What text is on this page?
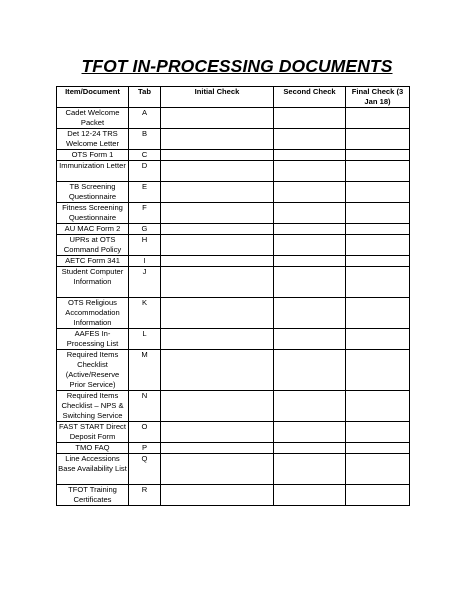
TFOT IN-PROCESSING DOCUMENTS
Item/Document	Tab	Initial Check	Second Check	Final Check (3 Jan 18)
Cadet Welcome Packet	A			
Det 12-24 TRS Welcome Letter	B			
OTS Form 1	C			
Immunization Letter	D			
TB Screening Questionnaire	E			
Fitness Screening Questionnaire	F			
AU MAC Form 2	G			
UPRs at OTS Command Policy	H			
AETC Form 341	I			
Student Computer Information	J			
OTS Religious Accommodation Information	K			
AAFES In-Processing List	L			
Required Items Checklist (Active/Reserve Prior Service)	M			
Required Items Checklist – NPS & Switching Service	N			
FAST START Direct Deposit Form	O			
TMO FAQ	P			
Line Accessions Base Availability List	Q			
TFOT Training Certificates	R			
